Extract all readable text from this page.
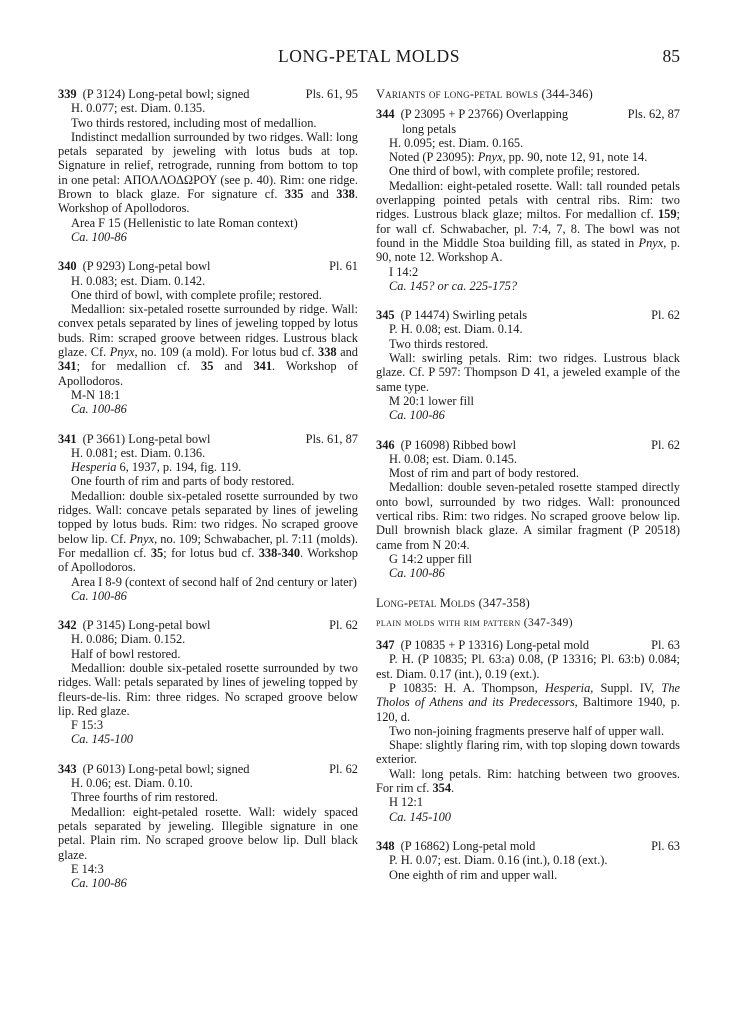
LONG-PETAL MOLDS	85
339 (P 3124) Long-petal bowl; signed	Pls. 61, 95
H. 0.077; est. Diam. 0.135.
Two thirds restored, including most of medallion.
Indistinct medallion surrounded by two ridges. Wall: long petals separated by jeweling with lotus buds at top. Signature in relief, retrograde, running from bottom to top in one petal: ΑΠΟΛΛΟΔΩΡΟΥ (see p. 40). Rim: one ridge. Brown to black glaze. For signature cf. 335 and 338. Workshop of Apollodoros.
Area F 15 (Hellenistic to late Roman context)
Ca. 100-86
340 (P 9293) Long-petal bowl	Pl. 61
H. 0.083; est. Diam. 0.142.
One third of bowl, with complete profile; restored.
Medallion: six-petaled rosette surrounded by ridge. Wall: convex petals separated by lines of jeweling topped by lotus buds. Rim: scraped groove between ridges. Lustrous black glaze. Cf. Pnyx, no. 109 (a mold). For lotus bud cf. 338 and 341; for medallion cf. 35 and 341. Workshop of Apollodoros.
M-N 18:1
Ca. 100-86
341 (P 3661) Long-petal bowl	Pls. 61, 87
H. 0.081; est. Diam. 0.136.
Hesperia 6, 1937, p. 194, fig. 119.
One fourth of rim and parts of body restored.
Medallion: double six-petaled rosette surrounded by two ridges. Wall: concave petals separated by lines of jeweling topped by lotus buds. Rim: two ridges. No scraped groove below lip. Cf. Pnyx, no. 109; Schwabacher, pl. 7:11 (molds). For medallion cf. 35; for lotus bud cf. 338-340. Workshop of Apollodoros.
Area I 8-9 (context of second half of 2nd century or later)
Ca. 100-86
342 (P 3145) Long-petal bowl	Pl. 62
H. 0.086; Diam. 0.152.
Half of bowl restored.
Medallion: double six-petaled rosette surrounded by two ridges. Wall: petals separated by lines of jeweling topped by fleurs-de-lis. Rim: three ridges. No scraped groove below lip. Red glaze.
F 15:3
Ca. 145-100
343 (P 6013) Long-petal bowl; signed	Pl. 62
H. 0.06; est. Diam. 0.10.
Three fourths of rim restored.
Medallion: eight-petaled rosette. Wall: widely spaced petals separated by jeweling. Illegible signature in one petal. Plain rim. No scraped groove below lip. Dull black glaze.
E 14:3
Ca. 100-86
Variants of long-petal bowls (344-346)
344 (P 23095 + P 23766) Overlapping	Pls. 62, 87
long petals
H. 0.095; est. Diam. 0.165.
Noted (P 23095): Pnyx, pp. 90, note 12, 91, note 14.
One third of bowl, with complete profile; restored.
Medallion: eight-petaled rosette. Wall: tall rounded petals overlapping pointed petals with central ribs. Rim: two ridges. Lustrous black glaze; miltos. For medallion cf. 159; for wall cf. Schwabacher, pl. 7:4, 7, 8. The bowl was not found in the Middle Stoa building fill, as stated in Pnyx, p. 90, note 12. Workshop A.
I 14:2
Ca. 145? or ca. 225-175?
345 (P 14474) Swirling petals	Pl. 62
P. H. 0.08; est. Diam. 0.14.
Two thirds restored.
Wall: swirling petals. Rim: two ridges. Lustrous black glaze. Cf. P 597: Thompson D 41, a jeweled example of the same type.
M 20:1 lower fill
Ca. 100-86
346 (P 16098) Ribbed bowl	Pl. 62
H. 0.08; est. Diam. 0.145.
Most of rim and part of body restored.
Medallion: double seven-petaled rosette stamped directly onto bowl, surrounded by two ridges. Wall: pronounced vertical ribs. Rim: two ridges. No scraped groove below lip. Dull brownish black glaze. A similar fragment (P 20518) came from N 20:4.
G 14:2 upper fill
Ca. 100-86
Long-petal Molds (347-358)
plain molds with rim pattern (347-349)
347 (P 10835 + P 13316) Long-petal mold	Pl. 63
P. H. (P 10835; Pl. 63:a) 0.08, (P 13316; Pl. 63:b) 0.084; est. Diam. 0.17 (int.), 0.19 (ext.).
P 10835: H. A. Thompson, Hesperia, Suppl. IV, The Tholos of Athens and its Predecessors, Baltimore 1940, p. 120, d.
Two non-joining fragments preserve half of upper wall.
Shape: slightly flaring rim, with top sloping down towards exterior.
Wall: long petals. Rim: hatching between two grooves. For rim cf. 354.
H 12:1
Ca. 145-100
348 (P 16862) Long-petal mold	Pl. 63
P. H. 0.07; est. Diam. 0.16 (int.), 0.18 (ext.).
One eighth of rim and upper wall.
